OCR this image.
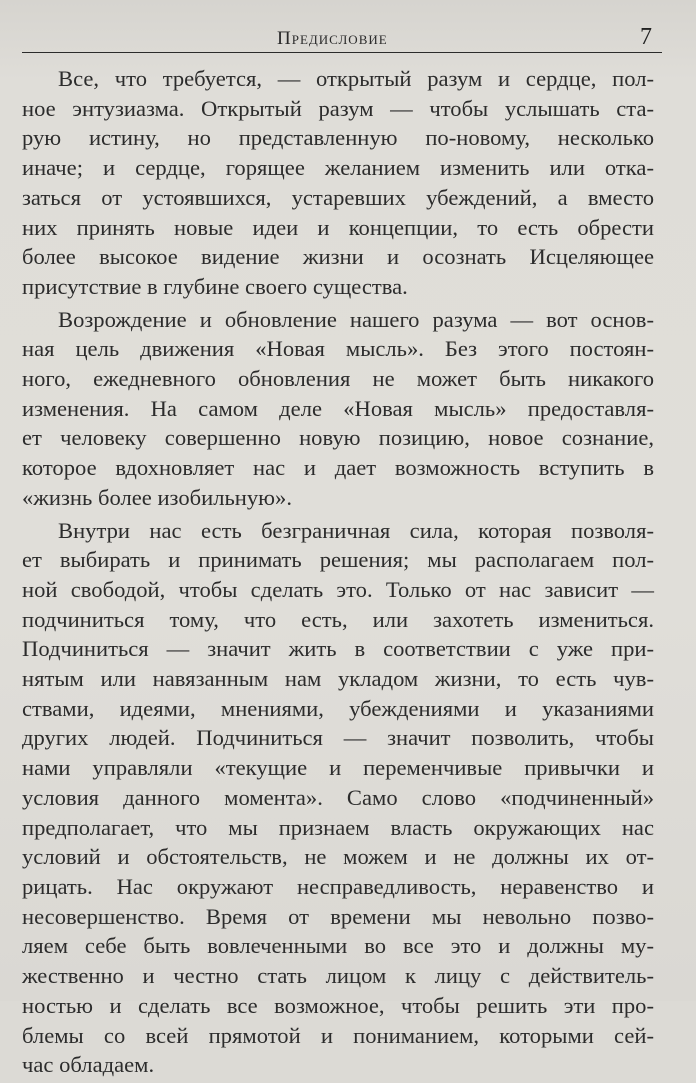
Предисловие	7

Все, что требуется, — открытый разум и сердце, пол-
ное энтузиазма. Открытый разум — чтобы услышать ста-
рую истину, но представленную по-новому, несколько
иначе; и сердце, горящее желанием изменить или отка-
заться от устоявшихся, устаревших убеждений, а вместо
них принять новые идеи и концепции, то есть обрести
более высокое видение жизни и осознать Исцеляющее
присутствие в глубине своего существа.

Возрождение и обновление нашего разума — вот основ-
ная цель движения «Новая мысль». Без этого постоян-
ного, ежедневного обновления не может быть никакого
изменения. На самом деле «Новая мысль» предоставля-
ет человеку совершенно новую позицию, новое сознание,
которое вдохновляет нас и дает возможность вступить в
«жизнь более изобильную».

Внутри нас есть безграничная сила, которая позволя-
ет выбирать и принимать решения; мы располагаем пол-
ной свободой, чтобы сделать это. Только от нас зависит —
подчиниться тому, что есть, или захотеть измениться.
Подчиниться — значит жить в соответствии с уже при-
нятым или навязанным нам укладом жизни, то есть чув-
ствами, идеями, мнениями, убеждениями и указаниями
других людей. Подчиниться — значит позволить, чтобы
нами управляли «текущие и переменчивые привычки и
условия данного момента». Само слово «подчиненный»
предполагает, что мы признаем власть окружающих нас
условий и обстоятельств, не можем и не должны их от-
рицать. Нас окружают несправедливость, неравенство и
несовершенство. Время от времени мы невольно позво-
ляем себе быть вовлеченными во все это и должны му-
жественно и честно стать лицом к лицу с действитель-
ностью и сделать все возможное, чтобы решить эти про-
блемы со всей прямотой и пониманием, которыми сей-
час обладаем.
